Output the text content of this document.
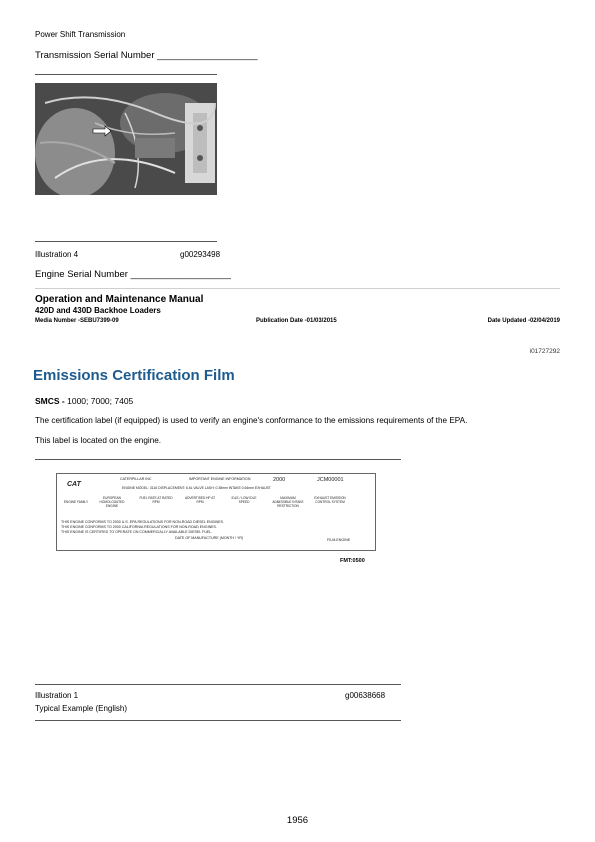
Power Shift Transmission
Transmission Serial Number ___________________
Illustration 4	g00293498
Engine Serial Number ___________________
Operation and Maintenance Manual
420D and 430D Backhoe Loaders
Media Number -SEBU7399-09	Publication Date -01/03/2015	Date Updated -02/04/2019
i01727292
Emissions Certification Film
SMCS - 1000; 7000; 7405
The certification label (if equipped) is used to verify an engine's conformance to the emissions requirements of the EPA.
This label is located on the engine.
CAT
CATERPILLAR INC	IMPORTANT ENGINE INFORMATION	2000	JCM00001
ENGINE MODEL: 3116 DISPLACEMENT: 6.6L VALVE LASH: 0.38mm INTAKE 0.64mm EXHAUST
ENGINE FAMILY
EUROPEAN HOMOLOGATED ENGINE
FUEL RATE AT RATED RPM
ADVERTISED HP AT RPM
IDLE / LOW IDLE SPEED
MAXIMUM ADMISSIBLE INTAKE RESTRICTION
EXHAUST EMISSION CONTROL SYSTEM
THIS ENGINE CONFORMS TO 2000 U.S. EPA REGULATIONS FOR NON-ROAD DIESEL ENGINES.
THIS ENGINE CONFORMS TO 2000 CALIFORNIA REGULATIONS FOR NON-ROAD ENGINES.
THIS ENGINE IS CERTIFIED TO OPERATE ON COMMERCIALLY AVAILABLE DIESEL FUEL.
DATE OF MANUFACTURE (MONTH / YR)	FILM-ENGINE
FMT:0500
Illustration 1	g00638668
Typical Example (English)
1956
